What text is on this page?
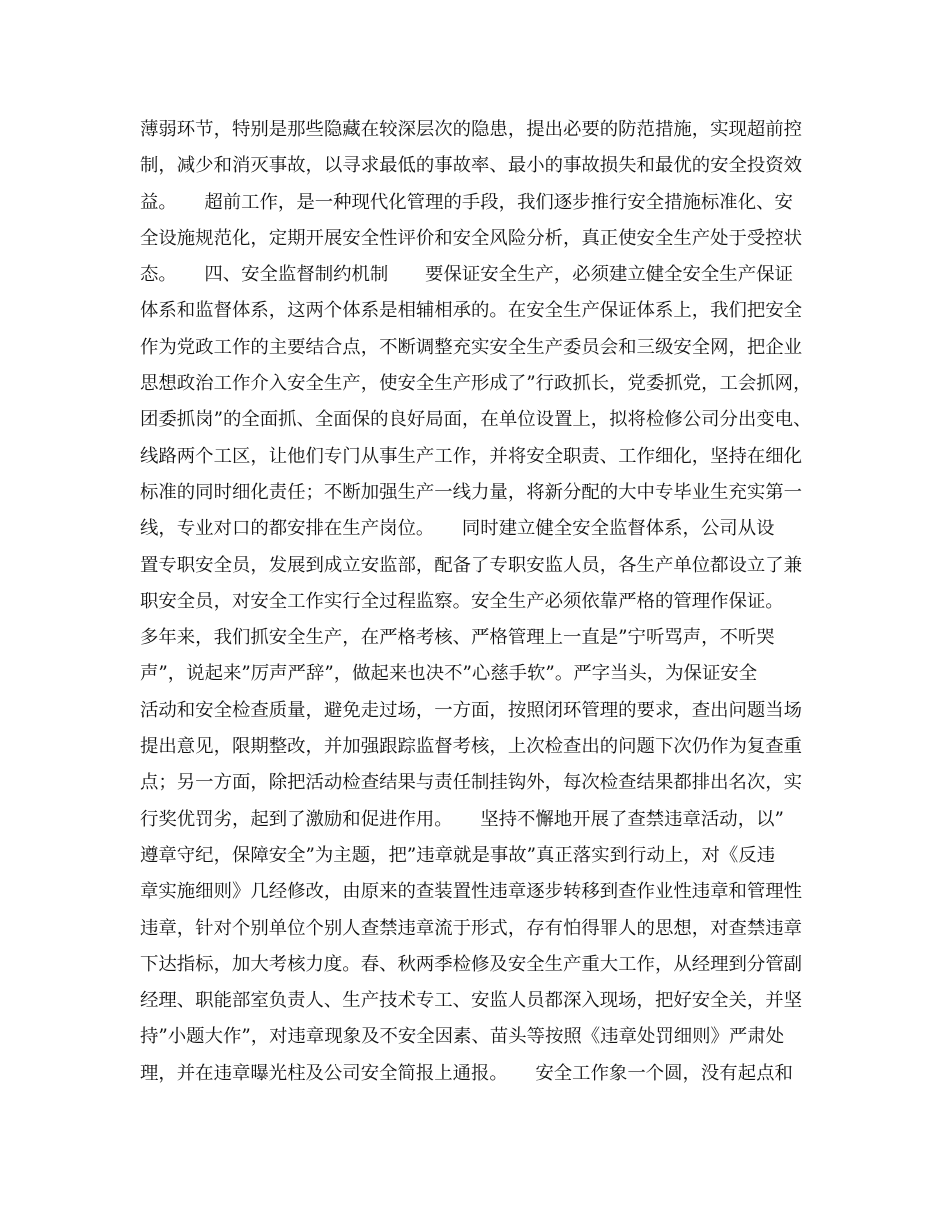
薄弱环节，特别是那些隐藏在较深层次的隐患，提出必要的防范措施，实现超前控
制，减少和消灭事故，以寻求最低的事故率、最小的事故损失和最优的安全投资效
益。　　超前工作，是一种现代化管理的手段，我们逐步推行安全措施标准化、安
全设施规范化，定期开展安全性评价和安全风险分析，真正使安全生产处于受控状
态。　　四、安全监督制约机制　　要保证安全生产，必须建立健全安全生产保证
体系和监督体系，这两个体系是相辅相承的。在安全生产保证体系上，我们把安全
作为党政工作的主要结合点，不断调整充实安全生产委员会和三级安全网，把企业
思想政治工作介入安全生产，使安全生产形成了”行政抓长，党委抓党，工会抓网，
团委抓岗”的全面抓、全面保的良好局面，在单位设置上，拟将检修公司分出变电、
线路两个工区，让他们专门从事生产工作，并将安全职责、工作细化，坚持在细化
标准的同时细化责任；不断加强生产一线力量，将新分配的大中专毕业生充实第一
线，专业对口的都安排在生产岗位。　　同时建立健全安全监督体系，公司从设
置专职安全员，发展到成立安监部，配备了专职安监人员，各生产单位都设立了兼
职安全员，对安全工作实行全过程监察。安全生产必须依靠严格的管理作保证。
多年来，我们抓安全生产，在严格考核、严格管理上一直是”宁听骂声，不听哭
声”，说起来”厉声严辞”，做起来也决不”心慈手软”。严字当头，为保证安全
活动和安全检查质量，避免走过场，一方面，按照闭环管理的要求，查出问题当场
提出意见，限期整改，并加强跟踪监督考核，上次检查出的问题下次仍作为复查重
点；另一方面，除把活动检查结果与责任制挂钩外，每次检查结果都排出名次，实
行奖优罚劣，起到了激励和促进作用。　　坚持不懈地开展了查禁违章活动，以”
遵章守纪，保障安全”为主题，把”违章就是事故”真正落实到行动上，对《反违
章实施细则》几经修改，由原来的查装置性违章逐步转移到查作业性违章和管理性
违章，针对个别单位个别人查禁违章流于形式，存有怕得罪人的思想，对查禁违章
下达指标，加大考核力度。春、秋两季检修及安全生产重大工作，从经理到分管副
经理、职能部室负责人、生产技术专工、安监人员都深入现场，把好安全关，并坚
持”小题大作”，对违章现象及不安全因素、苗头等按照《违章处罚细则》严肃处
理，并在违章曝光柱及公司安全简报上通报。　　安全工作象一个圆，没有起点和
